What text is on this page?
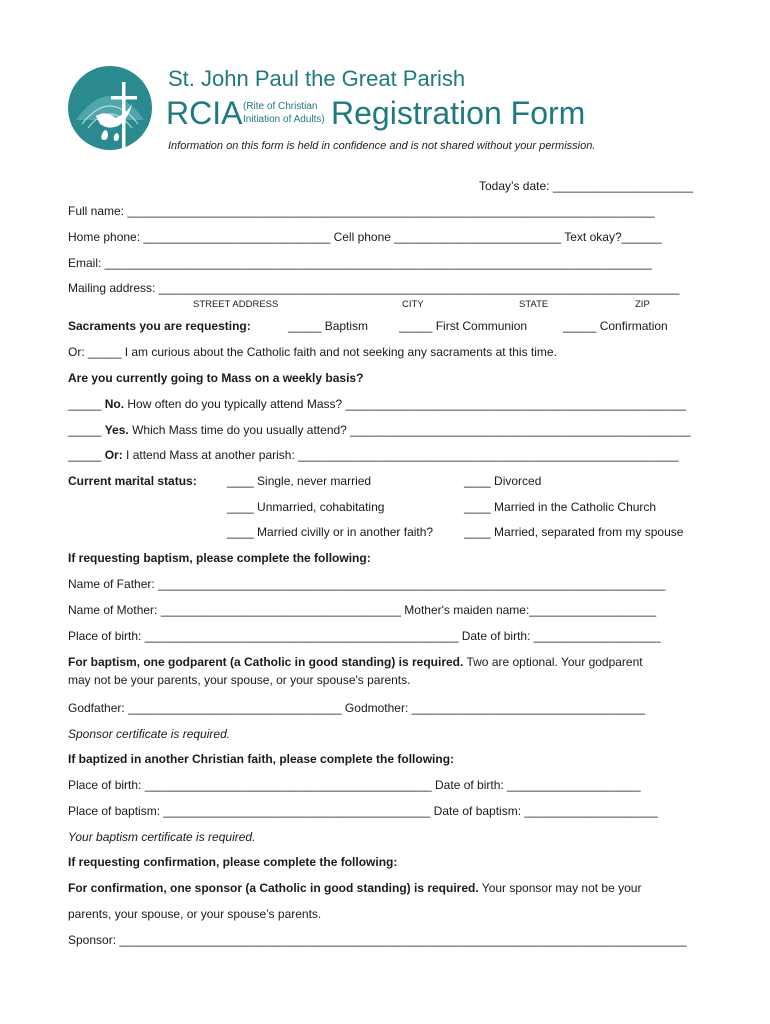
St. John Paul the Great Parish
RCIA (Rite of Christian
Initiation of Adults) Registration Form
Information on this form is held in confidence and is not shared without your permission.
Today’s date: _____________________
Full name: _______________________________________________________________________________
Home phone: ____________________________ Cell phone _________________________ Text okay?______
Email: __________________________________________________________________________________
Mailing address: ______________________________________________________________________________
STREET ADDRESS	CITY	STATE	ZIP
Sacraments you are requesting:	_____ Baptism	_____ First Communion	_____ Confirmation
Or: _____ I am curious about the Catholic faith and not seeking any sacraments at this time.
Are you currently going to Mass on a weekly basis?
_____ No. How often do you typically attend Mass? ___________________________________________________
_____ Yes. Which Mass time do you usually attend? ___________________________________________________
_____ Or: I attend Mass at another parish: _________________________________________________________
Current marital status:	____ Single, never married	____ Divorced
____ Unmarried, cohabitating	____ Married in the Catholic Church
____ Married civilly or in another faith?	____ Married, separated from my spouse
If requesting baptism, please complete the following:
Name of Father: ____________________________________________________________________________
Name of Mother: ____________________________________ Mother's maiden name:___________________
Place of birth: _______________________________________________ Date of birth: ___________________
For baptism, one godparent (a Catholic in good standing) is required. Two are optional. Your godparent
may not be your parents, your spouse, or your spouse's parents.
Godfather: ________________________________ Godmother: ___________________________________
Sponsor certificate is required.
If baptized in another Christian faith, please complete the following:
Place of birth: ___________________________________________ Date of birth: ____________________
Place of baptism: ________________________________________ Date of baptism: ____________________
Your baptism certificate is required.
If requesting confirmation, please complete the following:
For confirmation, one sponsor (a Catholic in good standing) is required. Your sponsor may not be your
parents, your spouse, or your spouse’s parents.
Sponsor: _____________________________________________________________________________________
